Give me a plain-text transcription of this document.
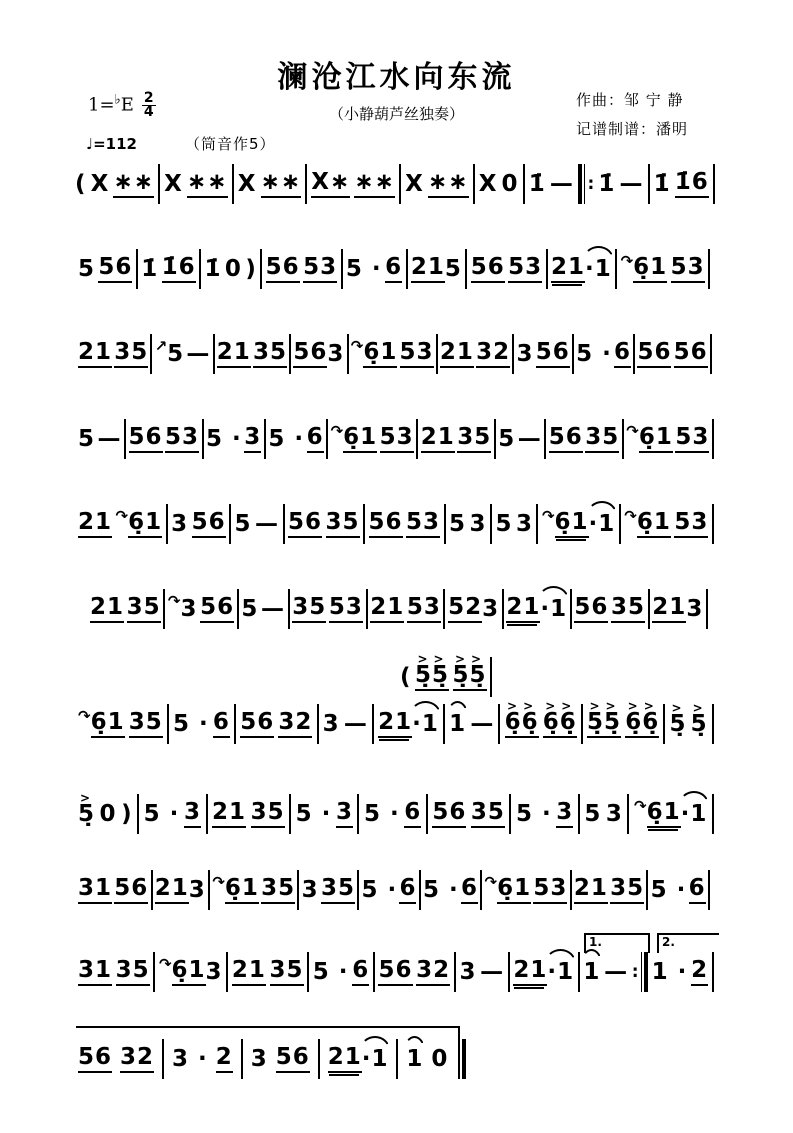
澜沧江水向东流
（小静葫芦丝独奏）
作曲：邹 宁 静
记谱制谱：潘明
$1=^♭E \frac{2}{4}$
♩=112	（筒音作5）
( X ∗∗ X ∗∗ X ∗∗ X∗ ∗∗ X ∗∗ X 0 1̇ — : 1̇ — 1̇ 1̇6
5 56 1̇ 1̇6 1̇ 0 ) 56 53 5 · 6 21 5 56 53 21 ·1 ↷ 6̣1 53
21 35 ↗ 5 — 21 35 56 3 ↷ 6̣1 53 21 32 3 56 5 · 6 56 56
5 — 56 53 5 · 3 5 · 6 ↷ 6̣1 53 21 35 5 — 56 35 ↷ 6̣1 53
21 ↷ 6̣1 3 56 5 — 56 35 56 53 5 3 5 3 ↷ 6̣1 ·1 ↷ 6̣1 53
21 35 ↷ 3 56 5 — 35 53 21 53 52 3 21 ·1 56 35 21 3
( 5̣5̣
>>
5̣5̣
>>
↷ 6̣1 35 5 · 6 56 32 3 — 21 ·1 1 — 6̣6̣
>>
6̣6̣
>>
5̣5̣
>>
6̣6̣
>>
5̣
>
5̣
>
5̣
>
0 ) 5 · 3 21 35 5 · 3 5 · 6 56 35 5 · 3 5 3 ↷ 6̣1 ·1
31 56 21 3 ↷ 6̣1 35 3 35 5 · 6 5 · 6 ↷ 6̣1 53 21 35 5 · 6
31 35 ↷ 6̣1 3 21 35 5 · 6 56 32 3 — 21 ·1 1 — : 1 · 2
56 32 3 · 2 3 56 21 ·1 1 0
1.	2.
